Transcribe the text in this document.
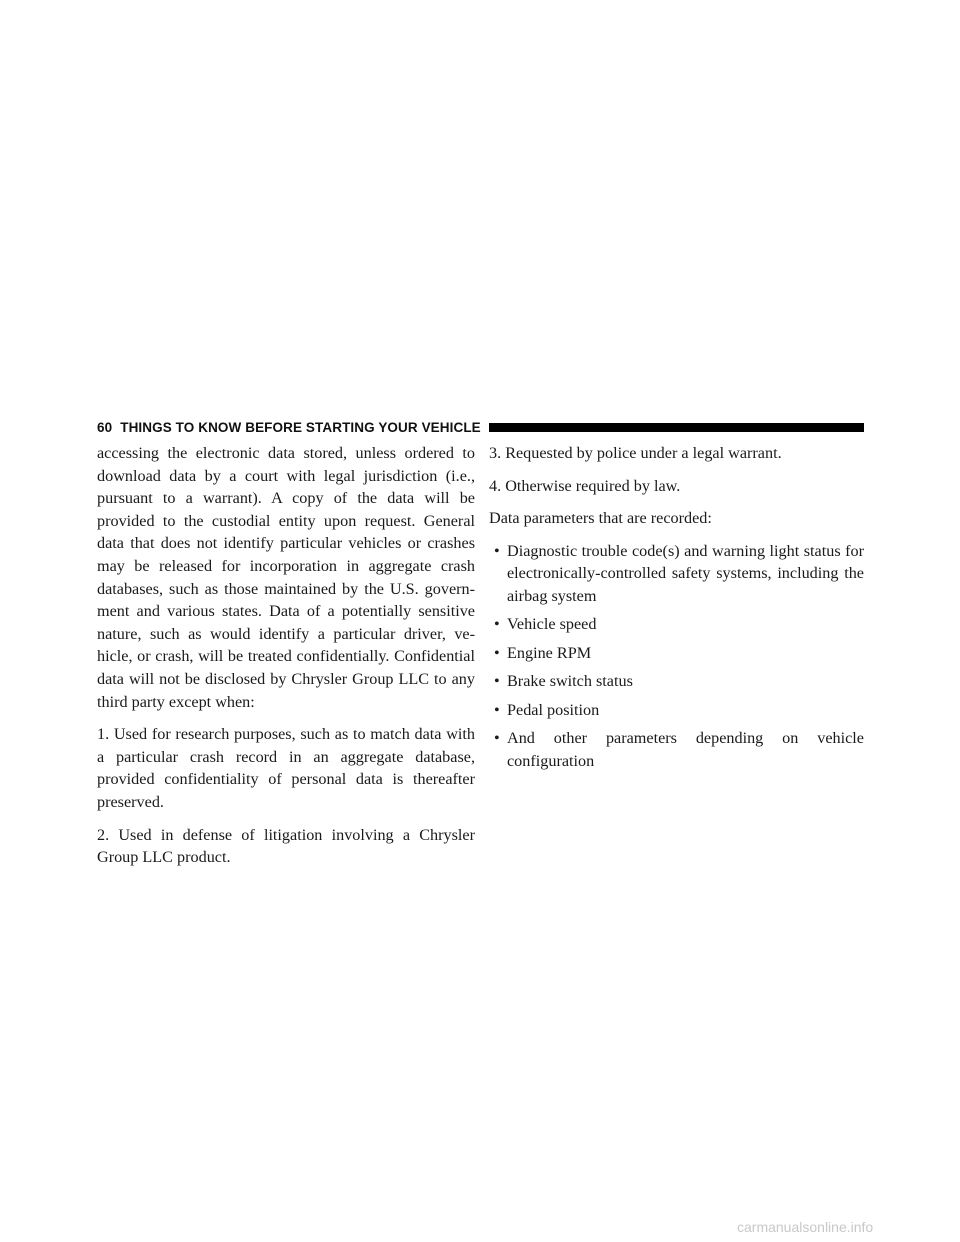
60 THINGS TO KNOW BEFORE STARTING YOUR VEHICLE

accessing the electronic data stored, unless ordered to download data by a court with legal jurisdiction (i.e., pursuant to a warrant). A copy of the data will be provided to the custodial entity upon request. General data that does not identify particular vehicles or crashes may be released for incorporation in aggregate crash databases, such as those maintained by the U.S. govern- ment and various states. Data of a potentially sensitive nature, such as would identify a particular driver, ve- hicle, or crash, will be treated confidentially. Confidential data will not be disclosed by Chrysler Group LLC to any third party except when:

1. Used for research purposes, such as to match data with a particular crash record in an aggregate database, provided confidentiality of personal data is thereafter preserved.

2. Used in defense of litigation involving a Chrysler Group LLC product.

3. Requested by police under a legal warrant.

4. Otherwise required by law.

Data parameters that are recorded:

• Diagnostic trouble code(s) and warning light status for electronically-controlled safety systems, including the airbag system
• Vehicle speed
• Engine RPM
• Brake switch status
• Pedal position
• And other parameters depending on vehicle configuration
carmanualsonline.info
